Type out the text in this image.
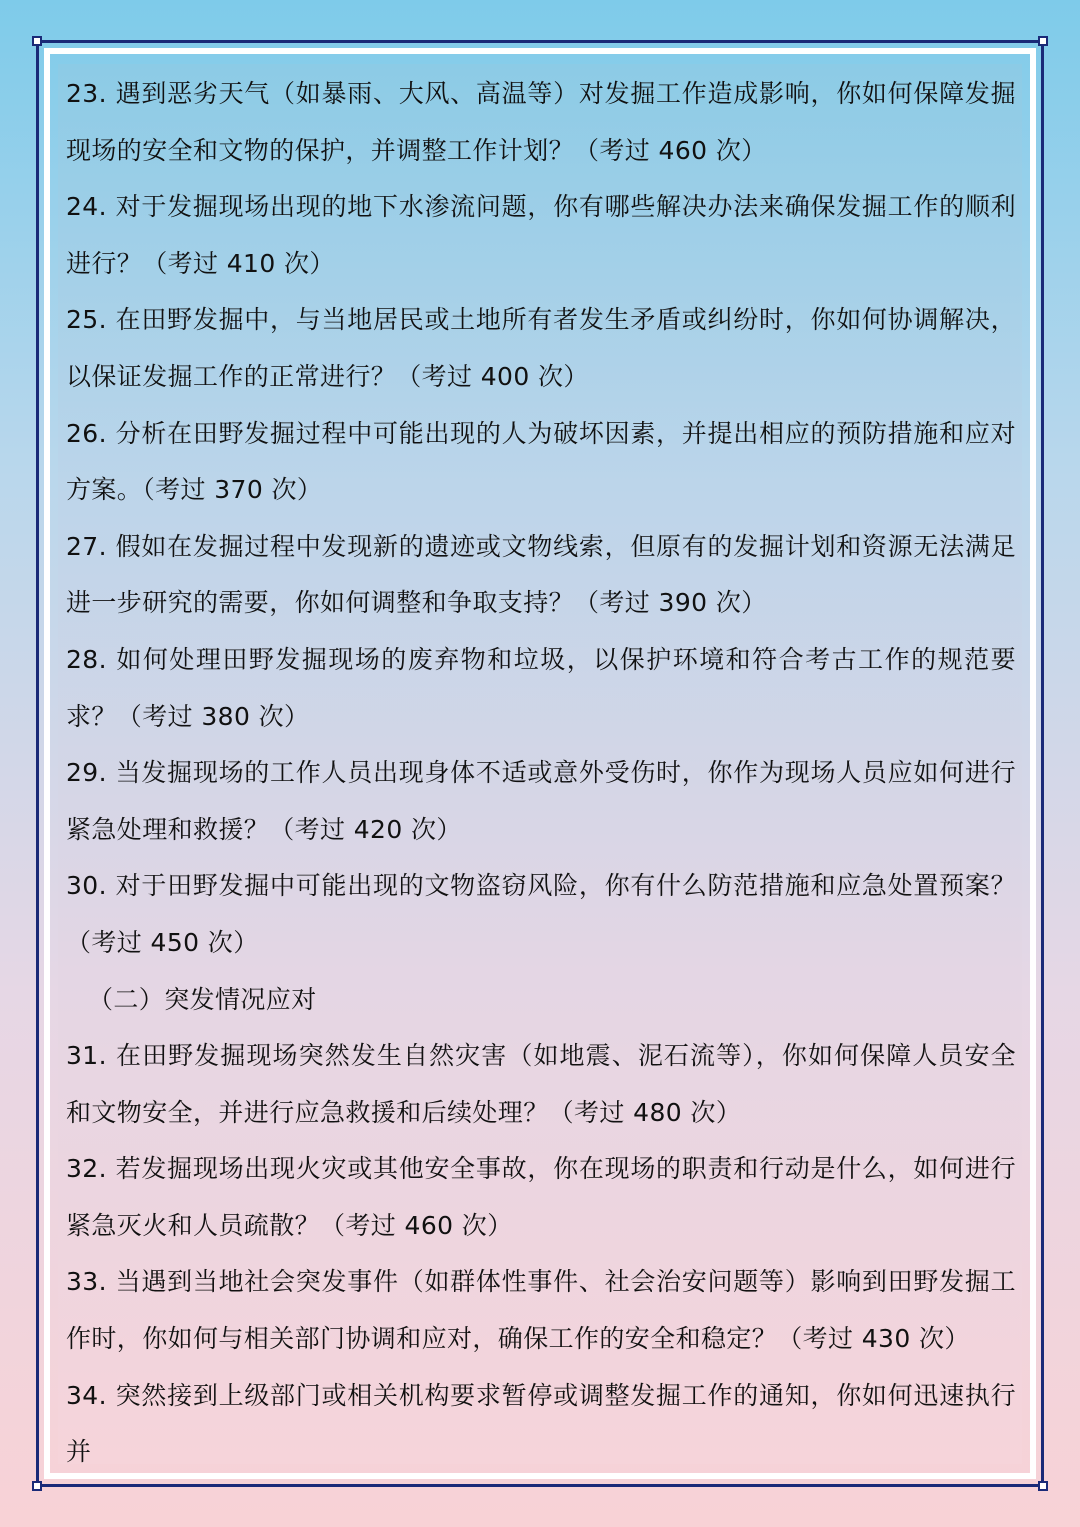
23. 遇到恶劣天气（如暴雨、大风、高温等）对发掘工作造成影响，你如何保障发掘现场的安全和文物的保护，并调整工作计划？（考过 460 次）

24. 对于发掘现场出现的地下水渗流问题，你有哪些解决办法来确保发掘工作的顺利进行？（考过 410 次）

25. 在田野发掘中，与当地居民或土地所有者发生矛盾或纠纷时，你如何协调解决，以保证发掘工作的正常进行？（考过 400 次）

26. 分析在田野发掘过程中可能出现的人为破坏因素，并提出相应的预防措施和应对方案。（考过 370 次）

27. 假如在发掘过程中发现新的遗迹或文物线索，但原有的发掘计划和资源无法满足进一步研究的需要，你如何调整和争取支持？（考过 390 次）

28. 如何处理田野发掘现场的废弃物和垃圾，以保护环境和符合考古工作的规范要求？（考过 380 次）

29. 当发掘现场的工作人员出现身体不适或意外受伤时，你作为现场人员应如何进行紧急处理和救援？（考过 420 次）

30. 对于田野发掘中可能出现的文物盗窃风险，你有什么防范措施和应急处置预案？（考过 450 次）

（二）突发情况应对

31. 在田野发掘现场突然发生自然灾害（如地震、泥石流等），你如何保障人员安全和文物安全，并进行应急救援和后续处理？（考过 480 次）

32. 若发掘现场出现火灾或其他安全事故，你在现场的职责和行动是什么，如何进行紧急灭火和人员疏散？（考过 460 次）

33. 当遇到当地社会突发事件（如群体性事件、社会治安问题等）影响到田野发掘工作时，你如何与相关部门协调和应对，确保工作的安全和稳定？（考过 430 次）

34. 突然接到上级部门或相关机构要求暂停或调整发掘工作的通知，你如何迅速执行并
